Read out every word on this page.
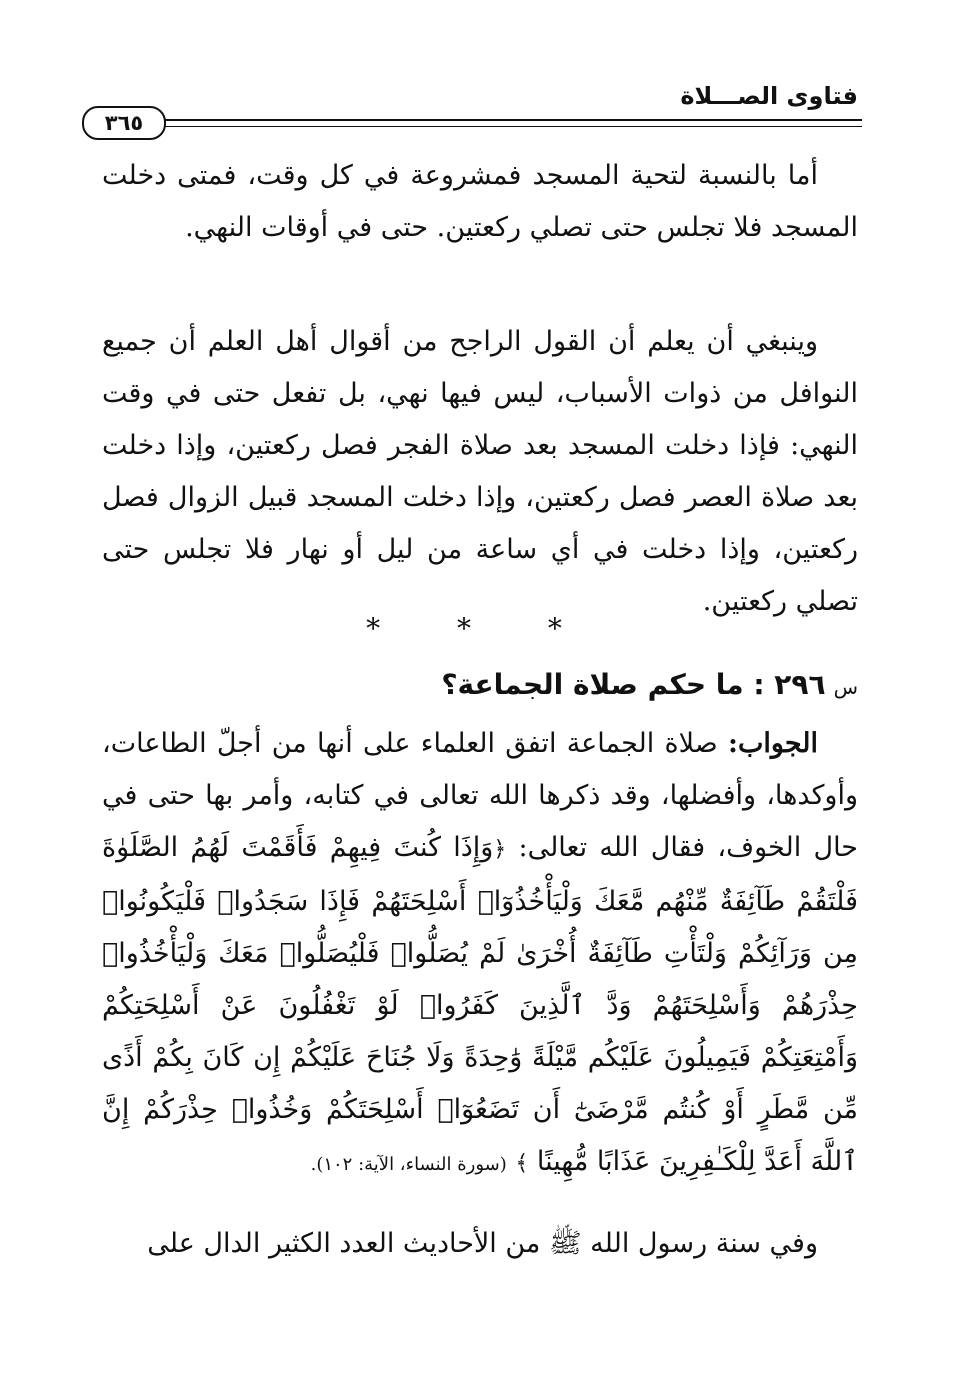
فتاوى الصـــلاة
٣٦٥
أما بالنسبة لتحية المسجد فمشروعة في كل وقت، فمتى دخلت المسجد فلا تجلس حتى تصلي ركعتين. حتى في أوقات النهي.
وينبغي أن يعلم أن القول الراجح من أقوال أهل العلم أن جميع النوافل من ذوات الأسباب، ليس فيها نهي، بل تفعل حتى في وقت النهي: فإذا دخلت المسجد بعد صلاة الفجر فصل ركعتين، وإذا دخلت بعد صلاة العصر فصل ركعتين، وإذا دخلت المسجد قبيل الزوال فصل ركعتين، وإذا دخلت في أي ساعة من ليل أو نهار فلا تجلس حتى تصلي ركعتين.
* * *
س٢٩٦ : ما حكم صلاة الجماعة؟
الجواب: صلاة الجماعة اتفق العلماء على أنها من أجلّ الطاعات، وأوكدها، وأفضلها، وقد ذكرها الله تعالى في كتابه، وأمر بها حتى في حال الخوف، فقال الله تعالى: ﴿وَإِذَا كُنتَ فِيهِمْ فَأَقَمْتَ لَهُمُ الصَّلَوٰةَ فَلْتَقُمْ طَآئِفَةٌ مِّنْهُم مَّعَكَ وَلْيَأْخُذُوٓا۟ أَسْلِحَتَهُمْ فَإِذَا سَجَدُوا۟ فَلْيَكُونُوا۟ مِن وَرَآئِكُمْ وَلْتَأْتِ طَآئِفَةٌ أُخْرَىٰ لَمْ يُصَلُّوا۟ فَلْيُصَلُّوا۟ مَعَكَ وَلْيَأْخُذُوا۟ حِذْرَهُمْ وَأَسْلِحَتَهُمْ وَدَّ ٱلَّذِينَ كَفَرُوا۟ لَوْ تَغْفُلُونَ عَنْ أَسْلِحَتِكُمْ وَأَمْتِعَتِكُمْ فَيَمِيلُونَ عَلَيْكُم مَّيْلَةً وَٰحِدَةً وَلَا جُنَاحَ عَلَيْكُمْ إِن كَانَ بِكُمْ أَذًى مِّن مَّطَرٍ أَوْ كُنتُم مَّرْضَىٰٓ أَن تَضَعُوٓا۟ أَسْلِحَتَكُمْ وَخُذُوا۟ حِذْرَكُمْ إِنَّ ٱللَّهَ أَعَدَّ لِلْكَـٰفِرِينَ عَذَابًا مُّهِينًا ﴾ (سورة النساء، الآية: ١٠٢).
وفي سنة رسول الله ﷺ من الأحاديث العدد الكثير الدال على
